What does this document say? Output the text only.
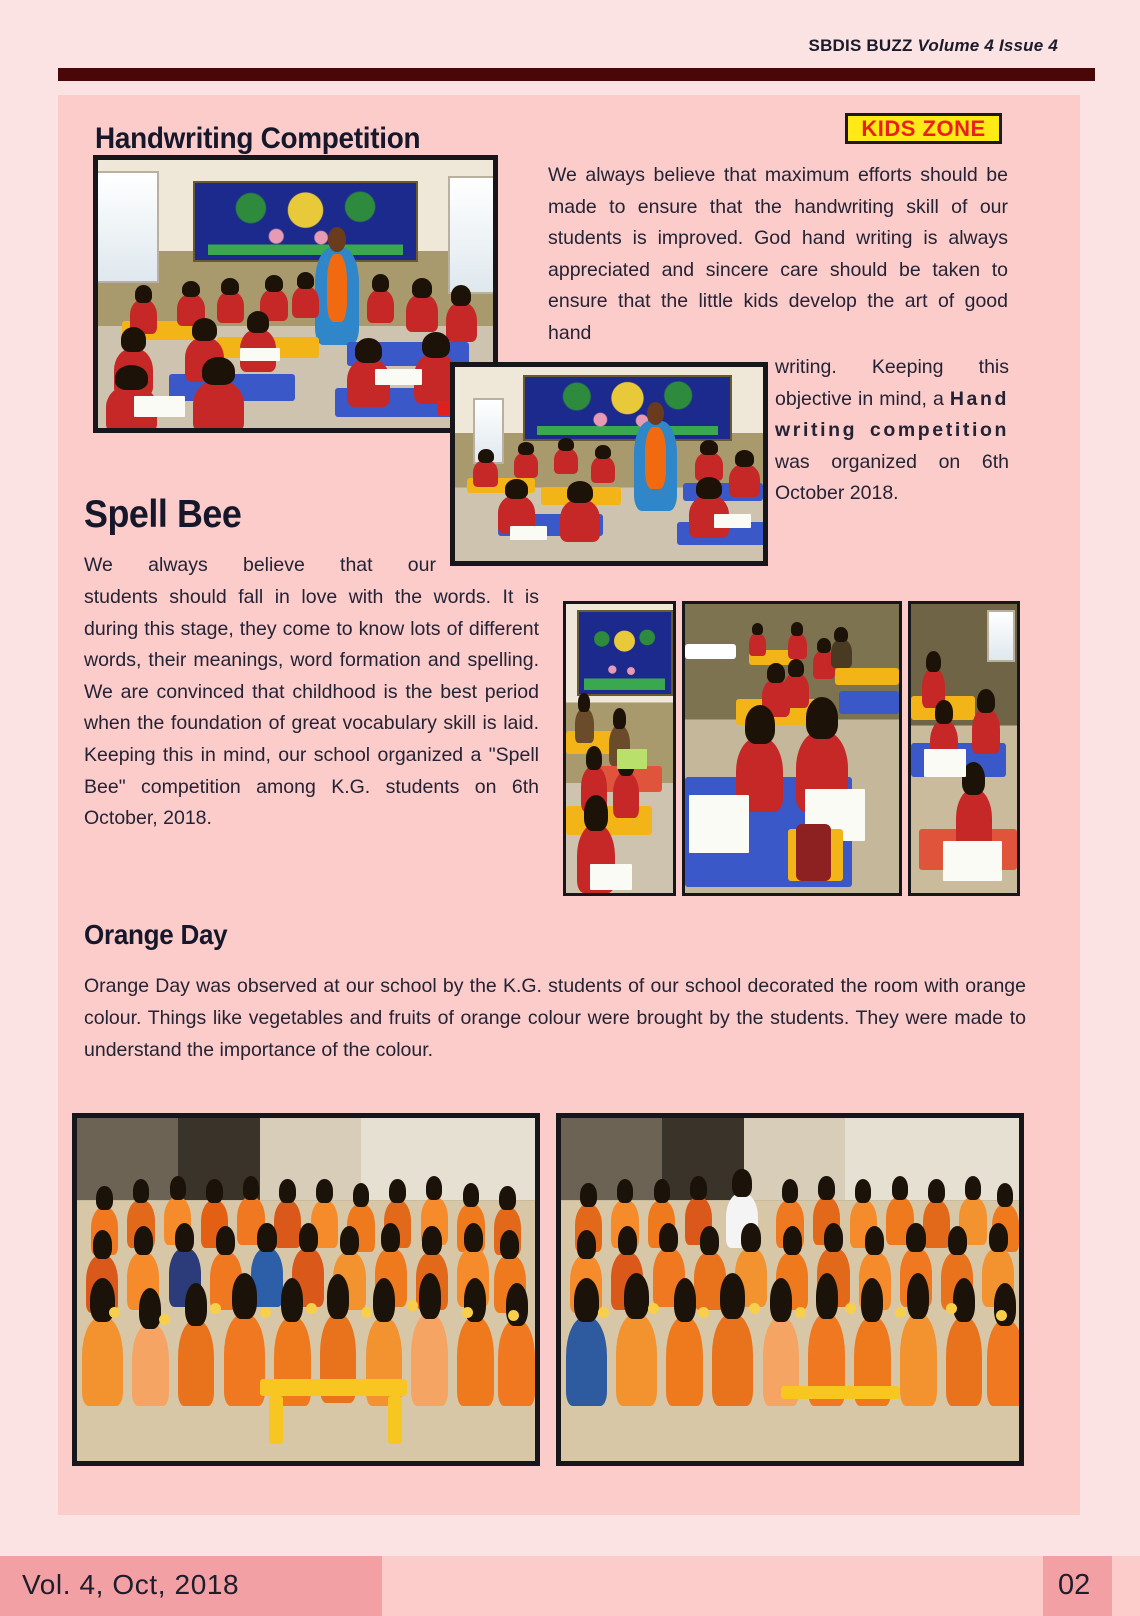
SBDIS BUZZ Volume 4 Issue 4
KIDS ZONE
Handwriting Competition
We always believe that maximum efforts should be made to ensure that the handwriting skill of our students is improved. God hand writing is always appreciated and sincere care should be taken to ensure that the little kids develop the art of good hand
writing. Keeping this objective in mind, a Hand writing competition was organized on 6th October 2018.
Spell Bee
We always believe that our
students should fall in love with the words. It is during this stage, they come to know lots of different words, their meanings, word formation and spelling. We are convinced that childhood is the best period when the foundation of great vocabulary skill is laid. Keeping this in mind, our school organized a "Spell Bee" competition among K.G. students on 6th October, 2018.
Orange Day
Orange Day was observed at our school by the K.G. students of our school decorated the room with orange colour. Things like vegetables and fruits of orange colour were brought by the students. They were made to understand the importance of the colour.
Vol. 4, Oct, 2018	02
